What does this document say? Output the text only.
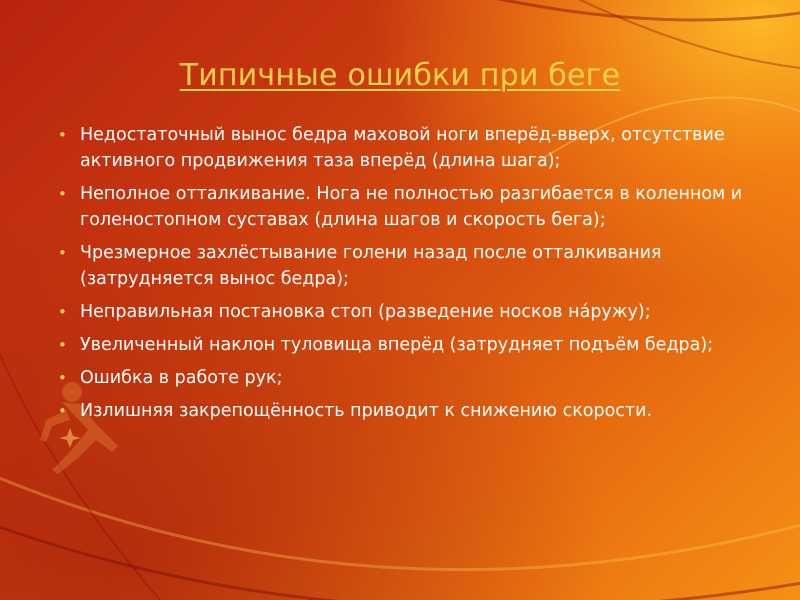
Типичные ошибки при беге
• Недостаточный вынос бедра маховой ноги вперёд-вверх, отсутствие активного продвижения таза вперёд (длина шага);
• Неполное отталкивание. Нога не полностью разгибается в коленном и голеностопном суставах (длина шагов и скорость бега);
• Чрезмерное захлёстывание голени назад после отталкивания (затрудняется вынос бедра);
• Неправильная постановка стоп (разведение носков нáружу);
• Увеличенный наклон туловища вперёд (затрудняет подъём бедра);
• Ошибка в работе рук;
• Излишняя закрепощённость приводит к снижению скорости.
